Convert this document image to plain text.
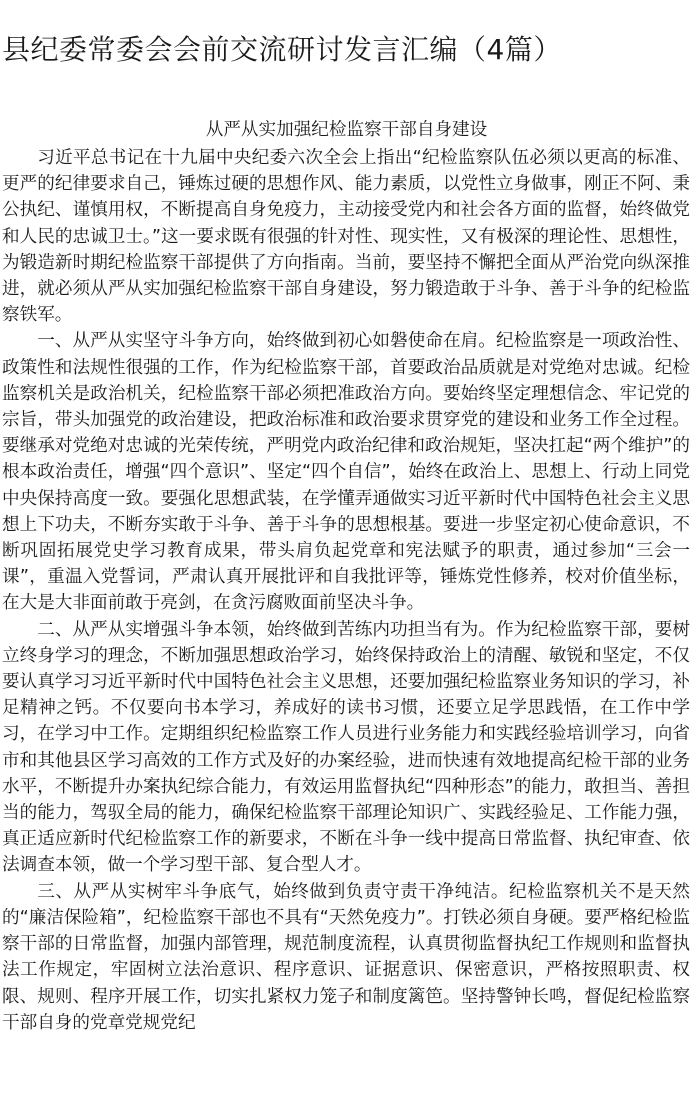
县纪委常委会会前交流研讨发言汇编（4篇）

从严从实加强纪检监察干部自身建设

习近平总书记在十九届中央纪委六次全会上指出“纪检监察队伍必须以更高的标准、更严的纪律要求自己，锤炼过硬的思想作风、能力素质，以党性立身做事，刚正不阿、秉公执纪、谨慎用权，不断提高自身免疫力，主动接受党内和社会各方面的监督，始终做党和人民的忠诚卫士。”这一要求既有很强的针对性、现实性，又有极深的理论性、思想性，为锻造新时期纪检监察干部提供了方向指南。当前，要坚持不懈把全面从严治党向纵深推进，就必须从严从实加强纪检监察干部自身建设，努力锻造敢于斗争、善于斗争的纪检监察铁军。

一、从严从实坚守斗争方向，始终做到初心如磐使命在肩。纪检监察是一项政治性、政策性和法规性很强的工作，作为纪检监察干部，首要政治品质就是对党绝对忠诚。纪检监察机关是政治机关，纪检监察干部必须把准政治方向。要始终坚定理想信念、牢记党的宗旨，带头加强党的政治建设，把政治标准和政治要求贯穿党的建设和业务工作全过程。要继承对党绝对忠诚的光荣传统，严明党内政治纪律和政治规矩，坚决扛起“两个维护”的根本政治责任，增强“四个意识”、坚定“四个自信”，始终在政治上、思想上、行动上同党中央保持高度一致。要强化思想武装，在学懂弄通做实习近平新时代中国特色社会主义思想上下功夫，不断夯实敢于斗争、善于斗争的思想根基。要进一步坚定初心使命意识，不断巩固拓展党史学习教育成果，带头肩负起党章和宪法赋予的职责，通过参加“三会一课”，重温入党誓词，严肃认真开展批评和自我批评等，锤炼党性修养，校对价值坐标，在大是大非面前敢于亮剑，在贪污腐败面前坚决斗争。

二、从严从实增强斗争本领，始终做到苦练内功担当有为。作为纪检监察干部，要树立终身学习的理念，不断加强思想政治学习，始终保持政治上的清醒、敏锐和坚定，不仅要认真学习习近平新时代中国特色社会主义思想，还要加强纪检监察业务知识的学习，补足精神之钙。不仅要向书本学习，养成好的读书习惯，还要立足学思践悟，在工作中学习，在学习中工作。定期组织纪检监察工作人员进行业务能力和实践经验培训学习，向省市和其他县区学习高效的工作方式及好的办案经验，进而快速有效地提高纪检干部的业务水平，不断提升办案执纪综合能力，有效运用监督执纪“四种形态”的能力，敢担当、善担当的能力，驾驭全局的能力，确保纪检监察干部理论知识广、实践经验足、工作能力强，真正适应新时代纪检监察工作的新要求，不断在斗争一线中提高日常监督、执纪审查、依法调查本领，做一个学习型干部、复合型人才。

三、从严从实树牢斗争底气，始终做到负责守责干净纯洁。纪检监察机关不是天然的“廉洁保险箱”，纪检监察干部也不具有“天然免疫力”。打铁必须自身硬。要严格纪检监察干部的日常监督，加强内部管理，规范制度流程，认真贯彻监督执纪工作规则和监督执法工作规定，牢固树立法治意识、程序意识、证据意识、保密意识，严格按照职责、权限、规则、程序开展工作，切实扎紧权力笼子和制度篱笆。坚持警钟长鸣，督促纪检监察干部自身的党章党规党纪
